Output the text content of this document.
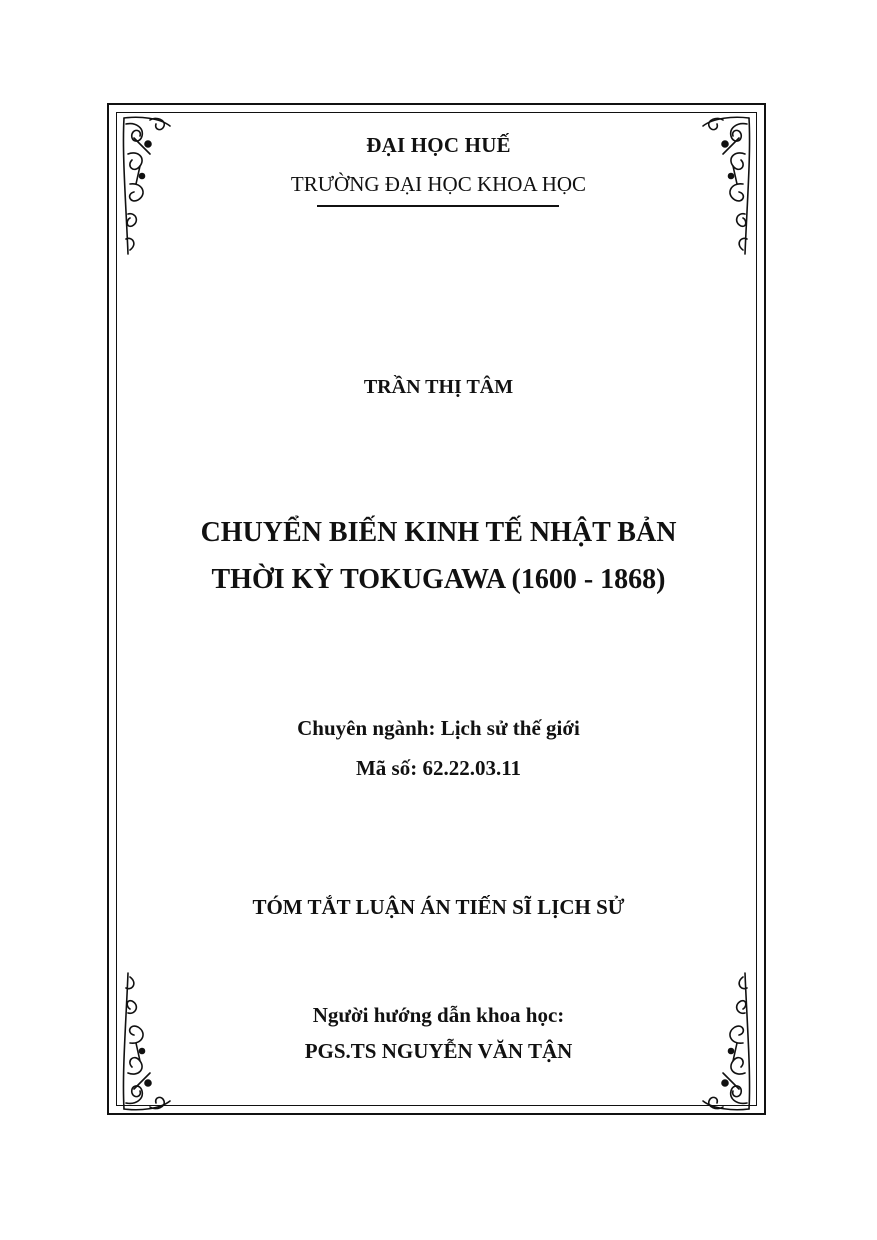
ĐẠI HỌC HUẾ
TRƯỜNG ĐẠI HỌC KHOA HỌC
TRẦN THỊ TÂM
CHUYỂN BIẾN KINH TẾ NHẬT BẢN
THỜI KỲ TOKUGAWA (1600 - 1868)
Chuyên ngành: Lịch sử thế giới
Mã số: 62.22.03.11
TÓM TẮT LUẬN ÁN TIẾN SĨ LỊCH SỬ
Người hướng dẫn khoa học:
PGS.TS NGUYỄN VĂN TẬN
